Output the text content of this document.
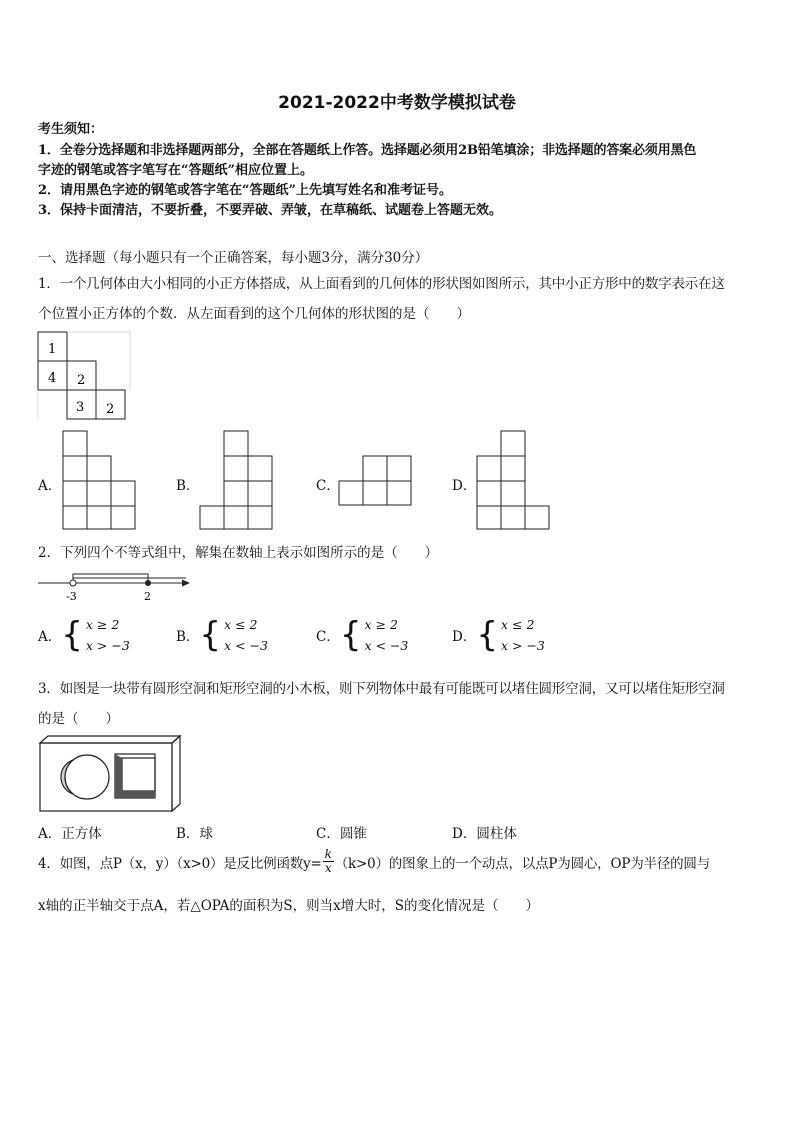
2021-2022中考数学模拟试卷
考生须知：
1．全卷分选择题和非选择题两部分，全部在答题纸上作答。选择题必须用2B铅笔填涂；非选择题的答案必须用黑色
字迹的钢笔或答字笔写在“答题纸”相应位置上。
2．请用黑色字迹的钢笔或答字笔在“答题纸”上先填写姓名和准考证号。
3．保持卡面清洁，不要折叠，不要弄破、弄皱，在草稿纸、试题卷上答题无效。
一、选择题（每小题只有一个正确答案，每小题3分，满分30分）
1．一个几何体由大小相同的小正方体搭成，从上面看到的几何体的形状图如图所示，其中小正方形中的数字表示在这
个位置小正方体的个数．从左面看到的这个几何体的形状图的是（　　）
1
4 2
3 2
A．	B．	C．	D．
2．下列四个不等式组中，解集在数轴上表示如图所示的是（　　）
-3	2
A． { x ≥ 2
x > −3
B． { x ≤ 2
x < −3
C． { x ≥ 2
x < −3
D． { x ≤ 2
x > −3
3．如图是一块带有圆形空洞和矩形空洞的小木板，则下列物体中最有可能既可以堵住圆形空洞，又可以堵住矩形空洞
的是（　　）
A．正方体	B．球	C．圆锥	D．圆柱体
4．如图，点P（x，y）（x>0）是反比例函数$y= \frac{k}{x} (k>0)$的图象上的一个动点，以点P为圆心，OP为半径的圆与
x轴的正半轴交于点A，若△OPA的面积为S，则当x增大时，S的变化情况是（　　）
